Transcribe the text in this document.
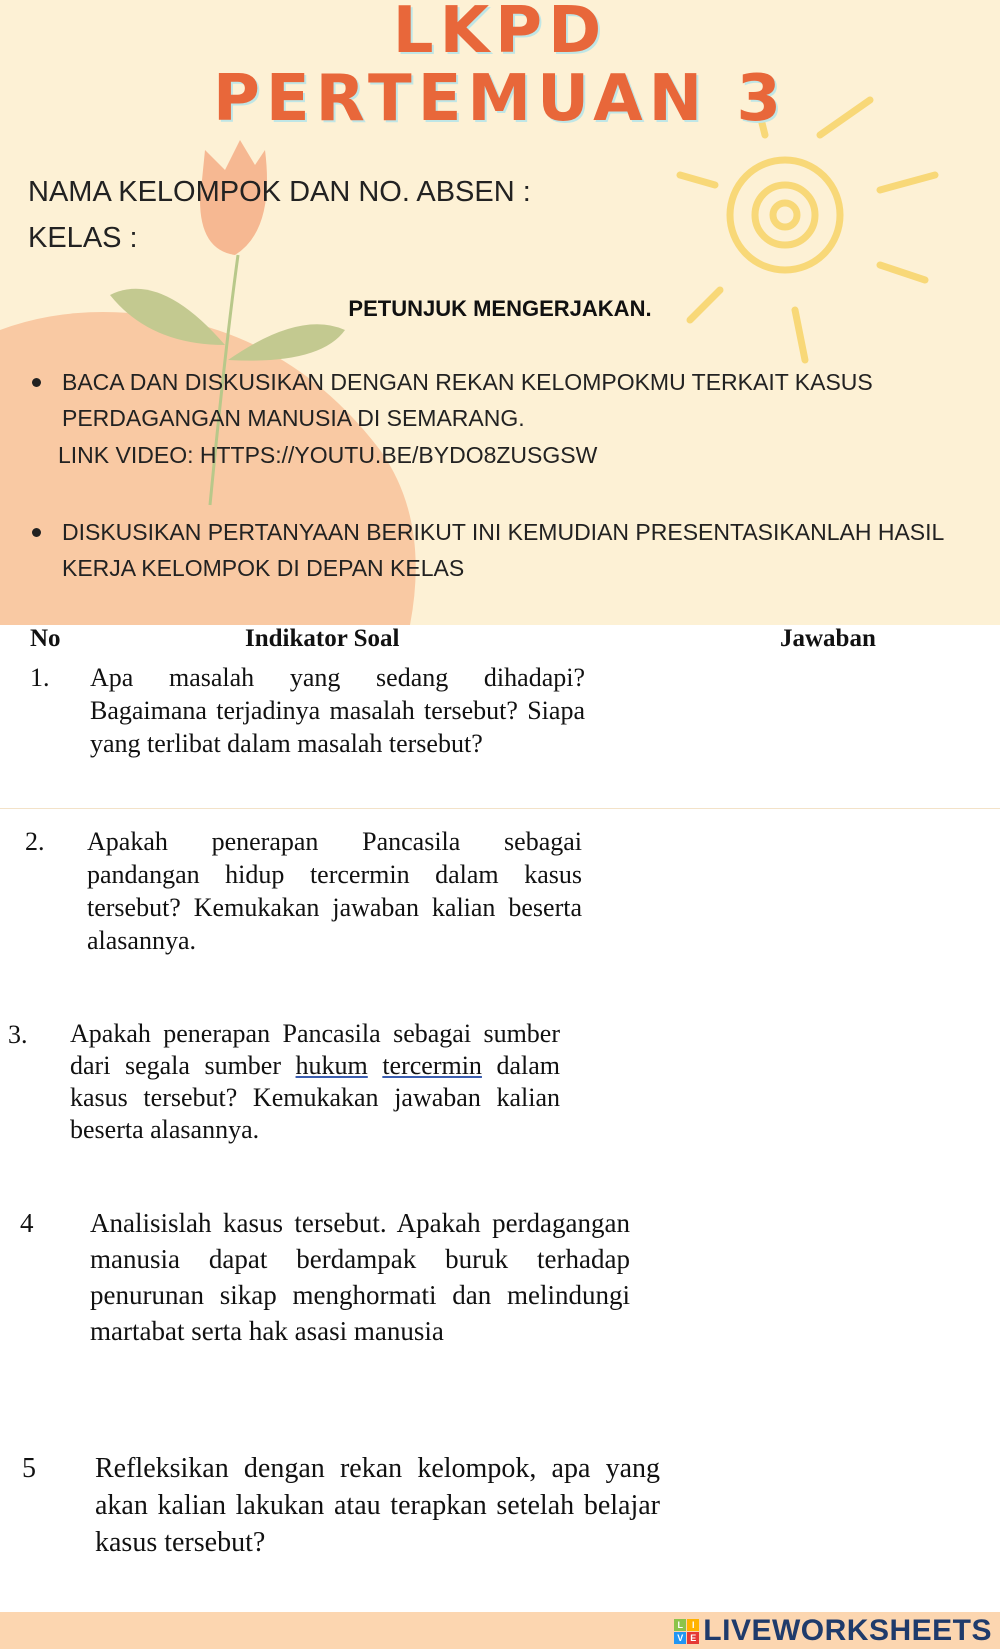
LKPD
PERTEMUAN 3
NAMA KELOMPOK DAN NO. ABSEN :
KELAS :
PETUNJUK MENGERJAKAN.
BACA DAN DISKUSIKAN DENGAN REKAN KELOMPOKMU TERKAIT KASUS PERDAGANGAN MANUSIA DI SEMARANG.
LINK VIDEO: HTTPS://YOUTU.BE/BYDO8ZUSGSW
DISKUSIKAN PERTANYAAN BERIKUT INI KEMUDIAN PRESENTASIKANLAH HASIL KERJA KELOMPOK DI DEPAN KELAS
No	Indikator Soal	Jawaban
1. Apa masalah yang sedang dihadapi? Bagaimana terjadinya masalah tersebut? Siapa yang terlibat dalam masalah tersebut?
2. Apakah penerapan Pancasila sebagai pandangan hidup tercermin dalam kasus tersebut? Kemukakan jawaban kalian beserta alasannya.
3. Apakah penerapan Pancasila sebagai sumber dari segala sumber hukum tercermin dalam kasus tersebut? Kemukakan jawaban kalian beserta alasannya.
4 Analisislah kasus tersebut. Apakah perdagangan manusia dapat berdampak buruk terhadap penurunan sikap menghormati dan melindungi martabat serta hak asasi manusia
5 Refleksikan dengan rekan kelompok, apa yang akan kalian lakukan atau terapkan setelah belajar kasus tersebut?
L I
V E LIVEWORKSHEETS
